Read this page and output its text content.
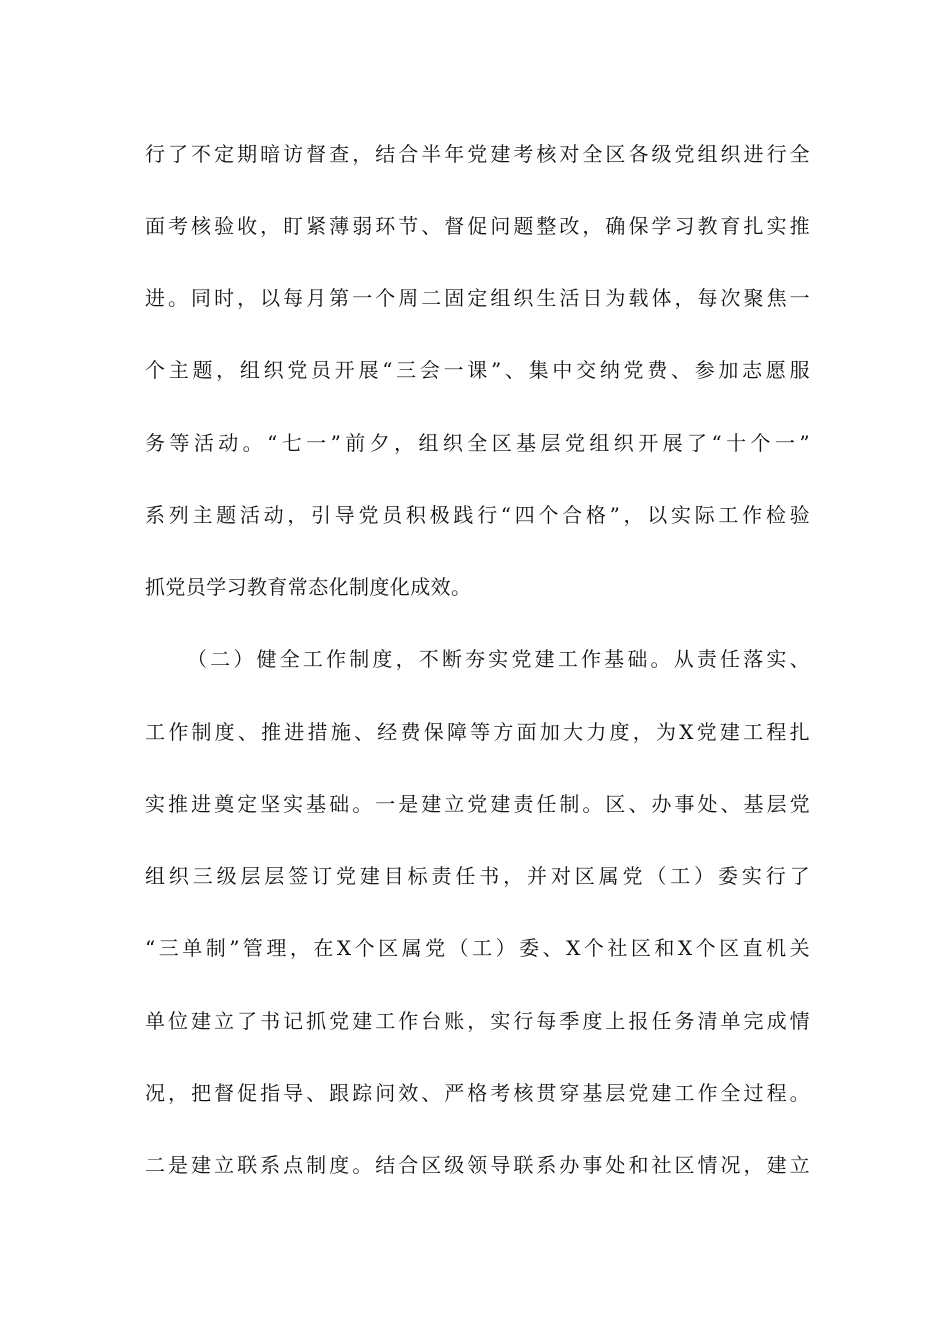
行了不定期暗访督查，结合半年党建考核对全区各级党组织进行全
面考核验收，盯紧薄弱环节、督促问题整改，确保学习教育扎实推
进。同时，以每月第一个周二固定组织生活日为载体，每次聚焦一
个主题，组织党员开展“三会一课”、集中交纳党费、参加志愿服
务等活动。“七一”前夕，组织全区基层党组织开展了“十个一”
系列主题活动，引导党员积极践行“四个合格”，以实际工作检验
抓党员学习教育常态化制度化成效。
（二）健全工作制度，不断夯实党建工作基础。从责任落实、
工作制度、推进措施、经费保障等方面加大力度，为X党建工程扎
实推进奠定坚实基础。一是建立党建责任制。区、办事处、基层党
组织三级层层签订党建目标责任书，并对区属党（工）委实行了
“三单制”管理，在X个区属党（工）委、X个社区和X个区直机关
单位建立了书记抓党建工作台账，实行每季度上报任务清单完成情
况，把督促指导、跟踪问效、严格考核贯穿基层党建工作全过程。
二是建立联系点制度。结合区级领导联系办事处和社区情况，建立
